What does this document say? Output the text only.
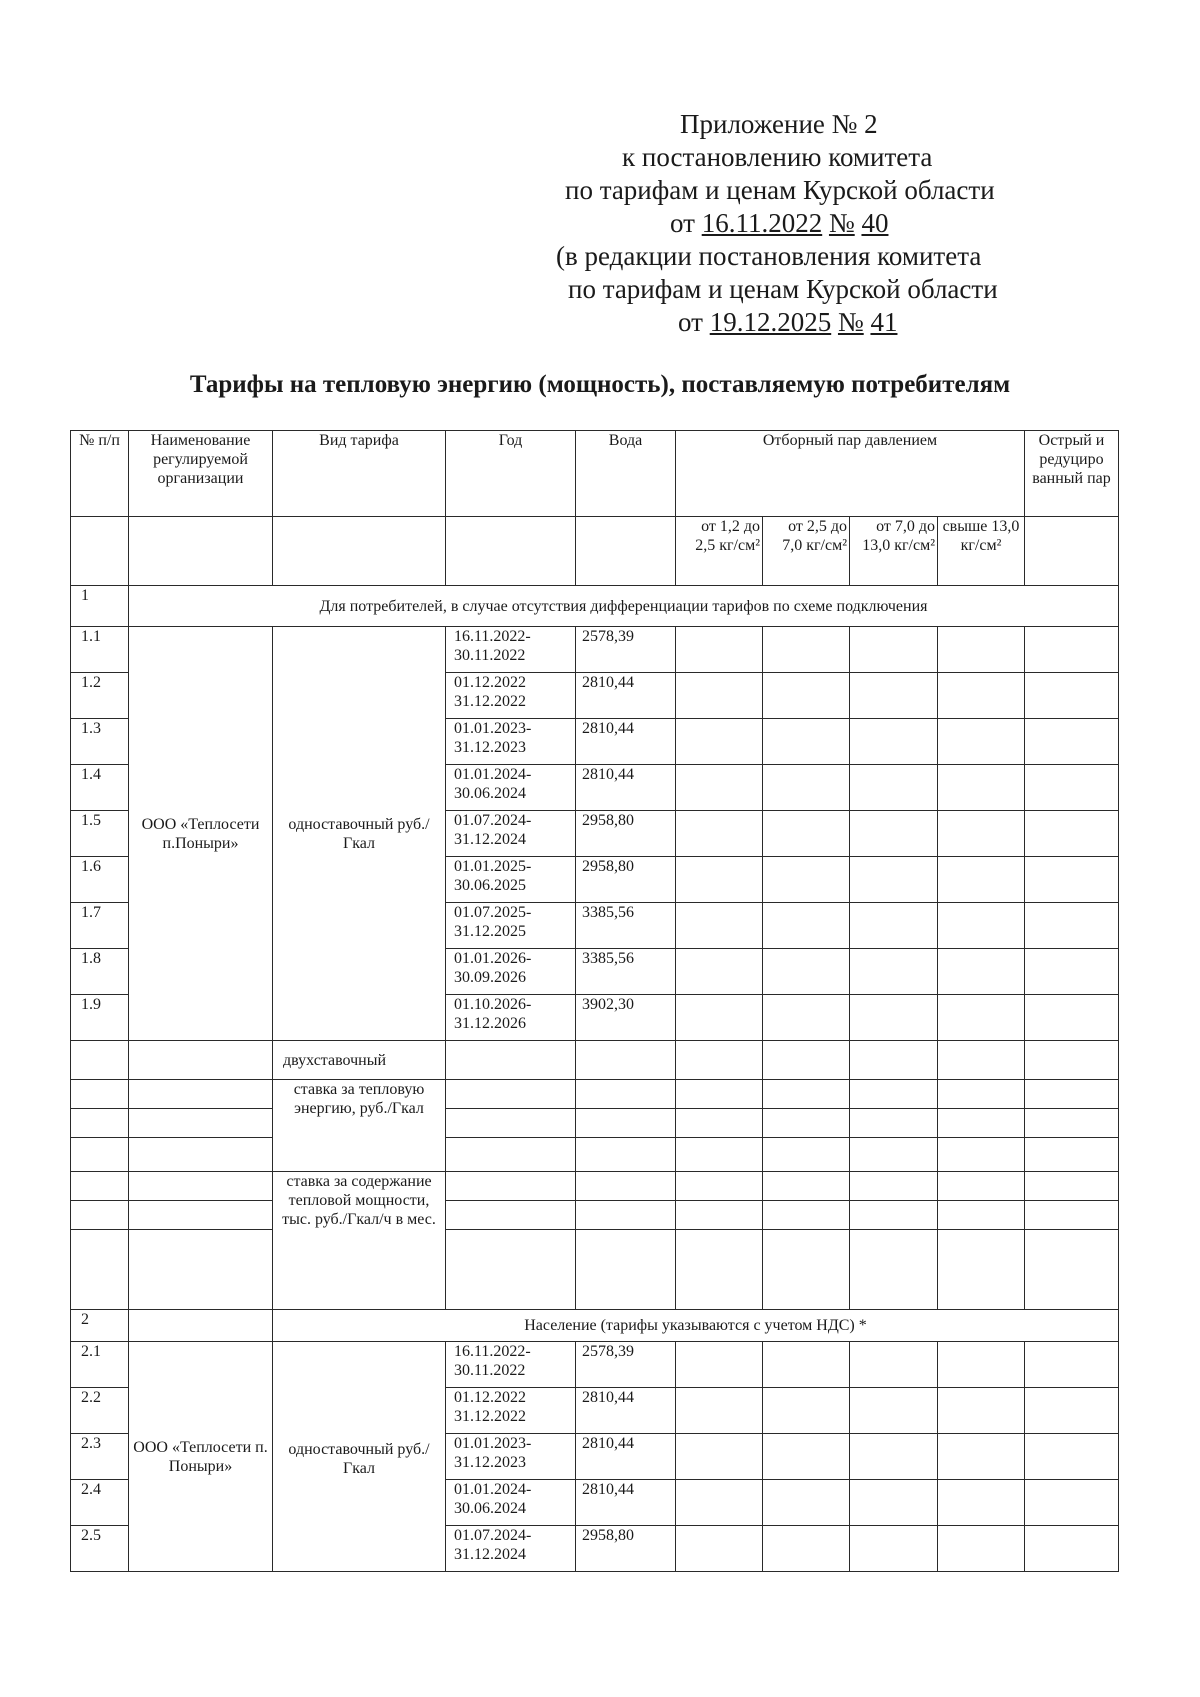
Приложение № 2
к постановлению комитета
по тарифам и ценам Курской области
от 16.11.2022 № 40
(в редакции постановления комитета
по тарифам и ценам Курской области
от 19.12.2025 № 41
Тарифы на тепловую энергию (мощность), поставляемую потребителям
№ п/п	Наименование регулируемой организации	Вид тарифа	Год	Вода	Отборный пар давлением				Острый и редуциро ванный пар
					от 1,2 до 2,5 кг/см²	от 2,5 до 7,0 кг/см²	от 7,0 до 13,0 кг/см²	свыше 13,0 кг/см²	
1	Для потребителей, в случае отсутствия дифференциации тарифов по схеме подключения								
1.1	ООО «Теплосети п.Поныри»	одноставочный руб./Гкал	16.11.2022- 30.11.2022	2578,39					
1.2			01.12.2022 31.12.2022	2810,44					
1.3			01.01.2023- 31.12.2023	2810,44					
1.4			01.01.2024- 30.06.2024	2810,44					
1.5			01.07.2024- 31.12.2024	2958,80					
1.6			01.01.2025- 30.06.2025	2958,80					
1.7			01.07.2025- 31.12.2025	3385,56					
1.8			01.01.2026- 30.09.2026	3385,56					
1.9			01.10.2026- 31.12.2026	3902,30					
		двухставочный							
		ставка за тепловую энергию, руб./Гкал							

		ставка за содержание тепловой мощности, тыс. руб./Гкал/ч в мес.							

2		Население (тарифы указываются с учетом НДС) *							
2.1	ООО «Теплосети п. Поныри»	одноставочный руб./Гкал	16.11.2022- 30.11.2022	2578,39					
2.2			01.12.2022 31.12.2022	2810,44					
2.3			01.01.2023- 31.12.2023	2810,44					
2.4			01.01.2024- 30.06.2024	2810,44					
2.5			01.07.2024- 31.12.2024	2958,80					
